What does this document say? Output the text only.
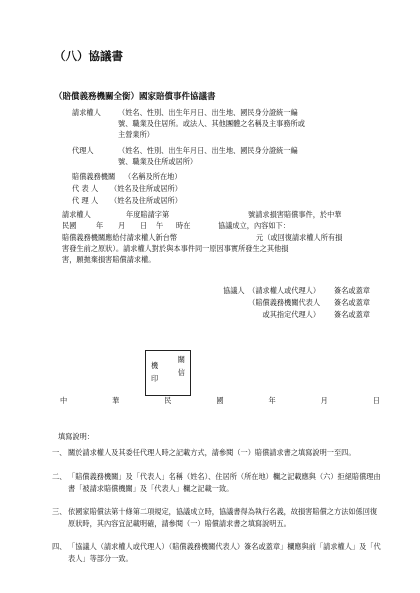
（八）協議書
（賠償義務機關全銜）國家賠償事件協議書
請求權人 （姓名、性別、出生年月日、出生地、國民身分證統一編
號、職業及住居所。或法人、其他團體之名稱及主事務所或
主營業所）
代理人	（姓名、性別、出生年月日、出生地、國民身分證統一編
號、職業及住所或居所）
賠償義務機關 （名稱及所在地）
代 表 人 （姓名及住所或居所）
代 理 人 （姓名及住所或居所）
請求權人	年度賠請字第	號請求損害賠償事件，於中華
民國	年 月 日 午 時在	協議成立，內容如下：
賠償義務機關應給付請求權人新台幣	元（或回復請求權人所有損
害發生前之原狀）。請求權人對於與本事件同一原因事實所發生之其他損
害，願拋棄損害賠償請求權。
協議人　（請求權人或代理人） 簽名或蓋章
（賠償義務機關代表人 簽名或蓋章
或其指定代理人） 簽名或蓋章
機
關
印
信
中	華	民	國	年	月	日
填寫說明：
一、 關於請求權人及其委任代理人時之記載方式，請參閱（一）賠償請求書之填寫說明一至四。
二、 「賠償義務機關」及「代表人」名稱（姓名）、住居所（所在地）欄之記載應與（六）拒絕賠償理由書「被請求賠償機關」及「代表人」欄之記載一致。
三、 依國家賠償法第十條第二項規定，協議成立時，協議書得為執行名義，故損害賠償之方法如係回復原狀時，其內容宜記載明確，請參閱（一）賠償請求書之填寫說明五。
四、 「協議人（請求權人或代理人）（賠償義務機關代表人）簽名或蓋章」欄應與前「請求權人」及「代表人」等部分一致。
